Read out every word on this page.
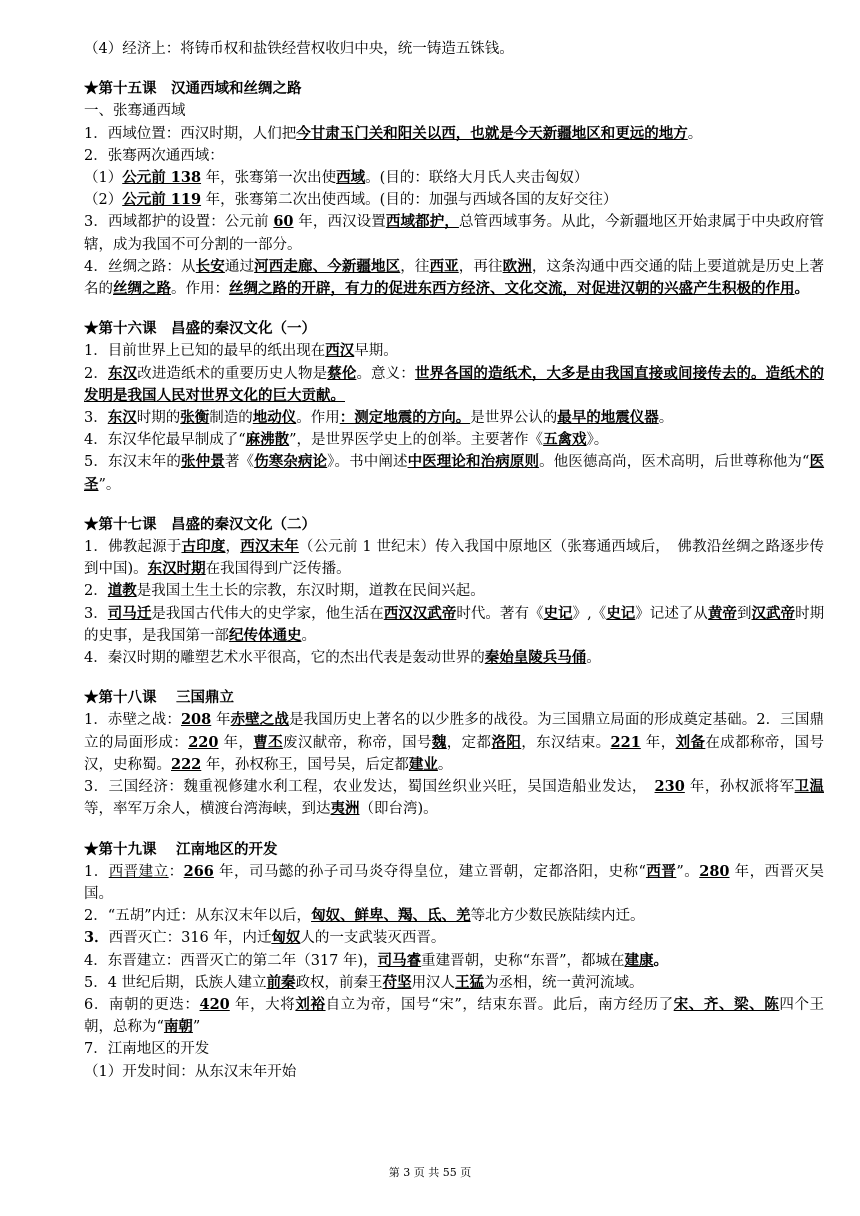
（4）经济上：将铸币权和盐铁经营权收归中央，统一铸造五铢钱。
★第十五课　汉通西域和丝绸之路
一、张骞通西域
1．西域位置：西汉时期，人们把今甘肃玉门关和阳关以西，也就是今天新疆地区和更远的地方。
2．张骞两次通西域：
（1）公元前 138 年，张骞第一次出使西域。(目的：联络大月氏人夹击匈奴）
（2）公元前 119 年，张骞第二次出使西域。(目的：加强与西域各国的友好交往）
3．西域都护的设置：公元前 60 年，西汉设置西域都护，总管西域事务。从此，今新疆地区开始隶属于中央政府管辖，成为我国不可分割的一部分。
4．丝绸之路：从长安通过河西走廊、今新疆地区，往西亚，再往欧洲，这条沟通中西交通的陆上要道就是历史上著名的丝绸之路。作用：丝绸之路的开辟，有力的促进东西方经济、文化交流，对促进汉朝的兴盛产生积极的作用。
★第十六课　昌盛的秦汉文化（一）
1．目前世界上已知的最早的纸出现在西汉早期。
2．东汉改进造纸术的重要历史人物是蔡伦。意义：世界各国的造纸术，大多是由我国直接或间接传去的。造纸术的发明是我国人民对世界文化的巨大贡献。
3．东汉时期的张衡制造的地动仪。作用：测定地震的方向。是世界公认的最早的地震仪器。
4．东汉华佗最早制成了“麻沸散”，是世界医学史上的创举。主要著作《五禽戏》。
5．东汉末年的张仲景著《伤寒杂病论》。书中阐述中医理论和治病原则。他医德高尚，医术高明，后世尊称他为“医圣”。
★第十七课　昌盛的秦汉文化（二）
1．佛教起源于古印度，西汉末年（公元前 1 世纪末）传入我国中原地区（张骞通西域后，　佛教沿丝绸之路逐步传到中国)。东汉时期在我国得到广泛传播。
2．道教是我国土生土长的宗教，东汉时期，道教在民间兴起。
3．司马迁是我国古代伟大的史学家，他生活在西汉汉武帝时代。著有《史记》,《史记》记述了从黄帝到汉武帝时期的史事，是我国第一部纪传体通史。
4．秦汉时期的雕塑艺术水平很高，它的杰出代表是轰动世界的秦始皇陵兵马俑。
★第十八课　 三国鼎立
1．赤壁之战：208 年赤壁之战是我国历史上著名的以少胜多的战役。为三国鼎立局面的形成奠定基础。2．三国鼎立的局面形成：220 年，曹丕废汉献帝，称帝，国号魏，定都洛阳，东汉结束。221 年，刘备在成都称帝，国号汉，史称蜀。222 年，孙权称王，国号吴，后定都建业。
3．三国经济：魏重视修建水利工程，农业发达，蜀国丝织业兴旺，吴国造船业发达，　230 年，孙权派将军卫温等，率军万余人，横渡台湾海峡，到达夷洲（即台湾)。
★第十九课　 江南地区的开发
1．西晋建立：266 年，司马懿的孙子司马炎夺得皇位，建立晋朝，定都洛阳，史称“西晋”。280 年，西晋灭吴国。
2．“五胡”内迁：从东汉末年以后，匈奴、鲜卑、羯、氐、羌等北方少数民族陆续内迁。
3．西晋灭亡：316 年，内迁匈奴人的一支武装灭西晋。
4．东晋建立：西晋灭亡的第二年（317 年)，司马睿重建晋朝，史称“东晋”，都城在建康。
5．4 世纪后期，氐族人建立前秦政权，前秦王苻坚用汉人王猛为丞相，统一黄河流域。
6．南朝的更迭：420 年，大将刘裕自立为帝，国号“宋”，结束东晋。此后，南方经历了宋、齐、梁、陈四个王朝，总称为“南朝”
7．江南地区的开发
（1）开发时间：从东汉末年开始
第 3 页 共 55 页
